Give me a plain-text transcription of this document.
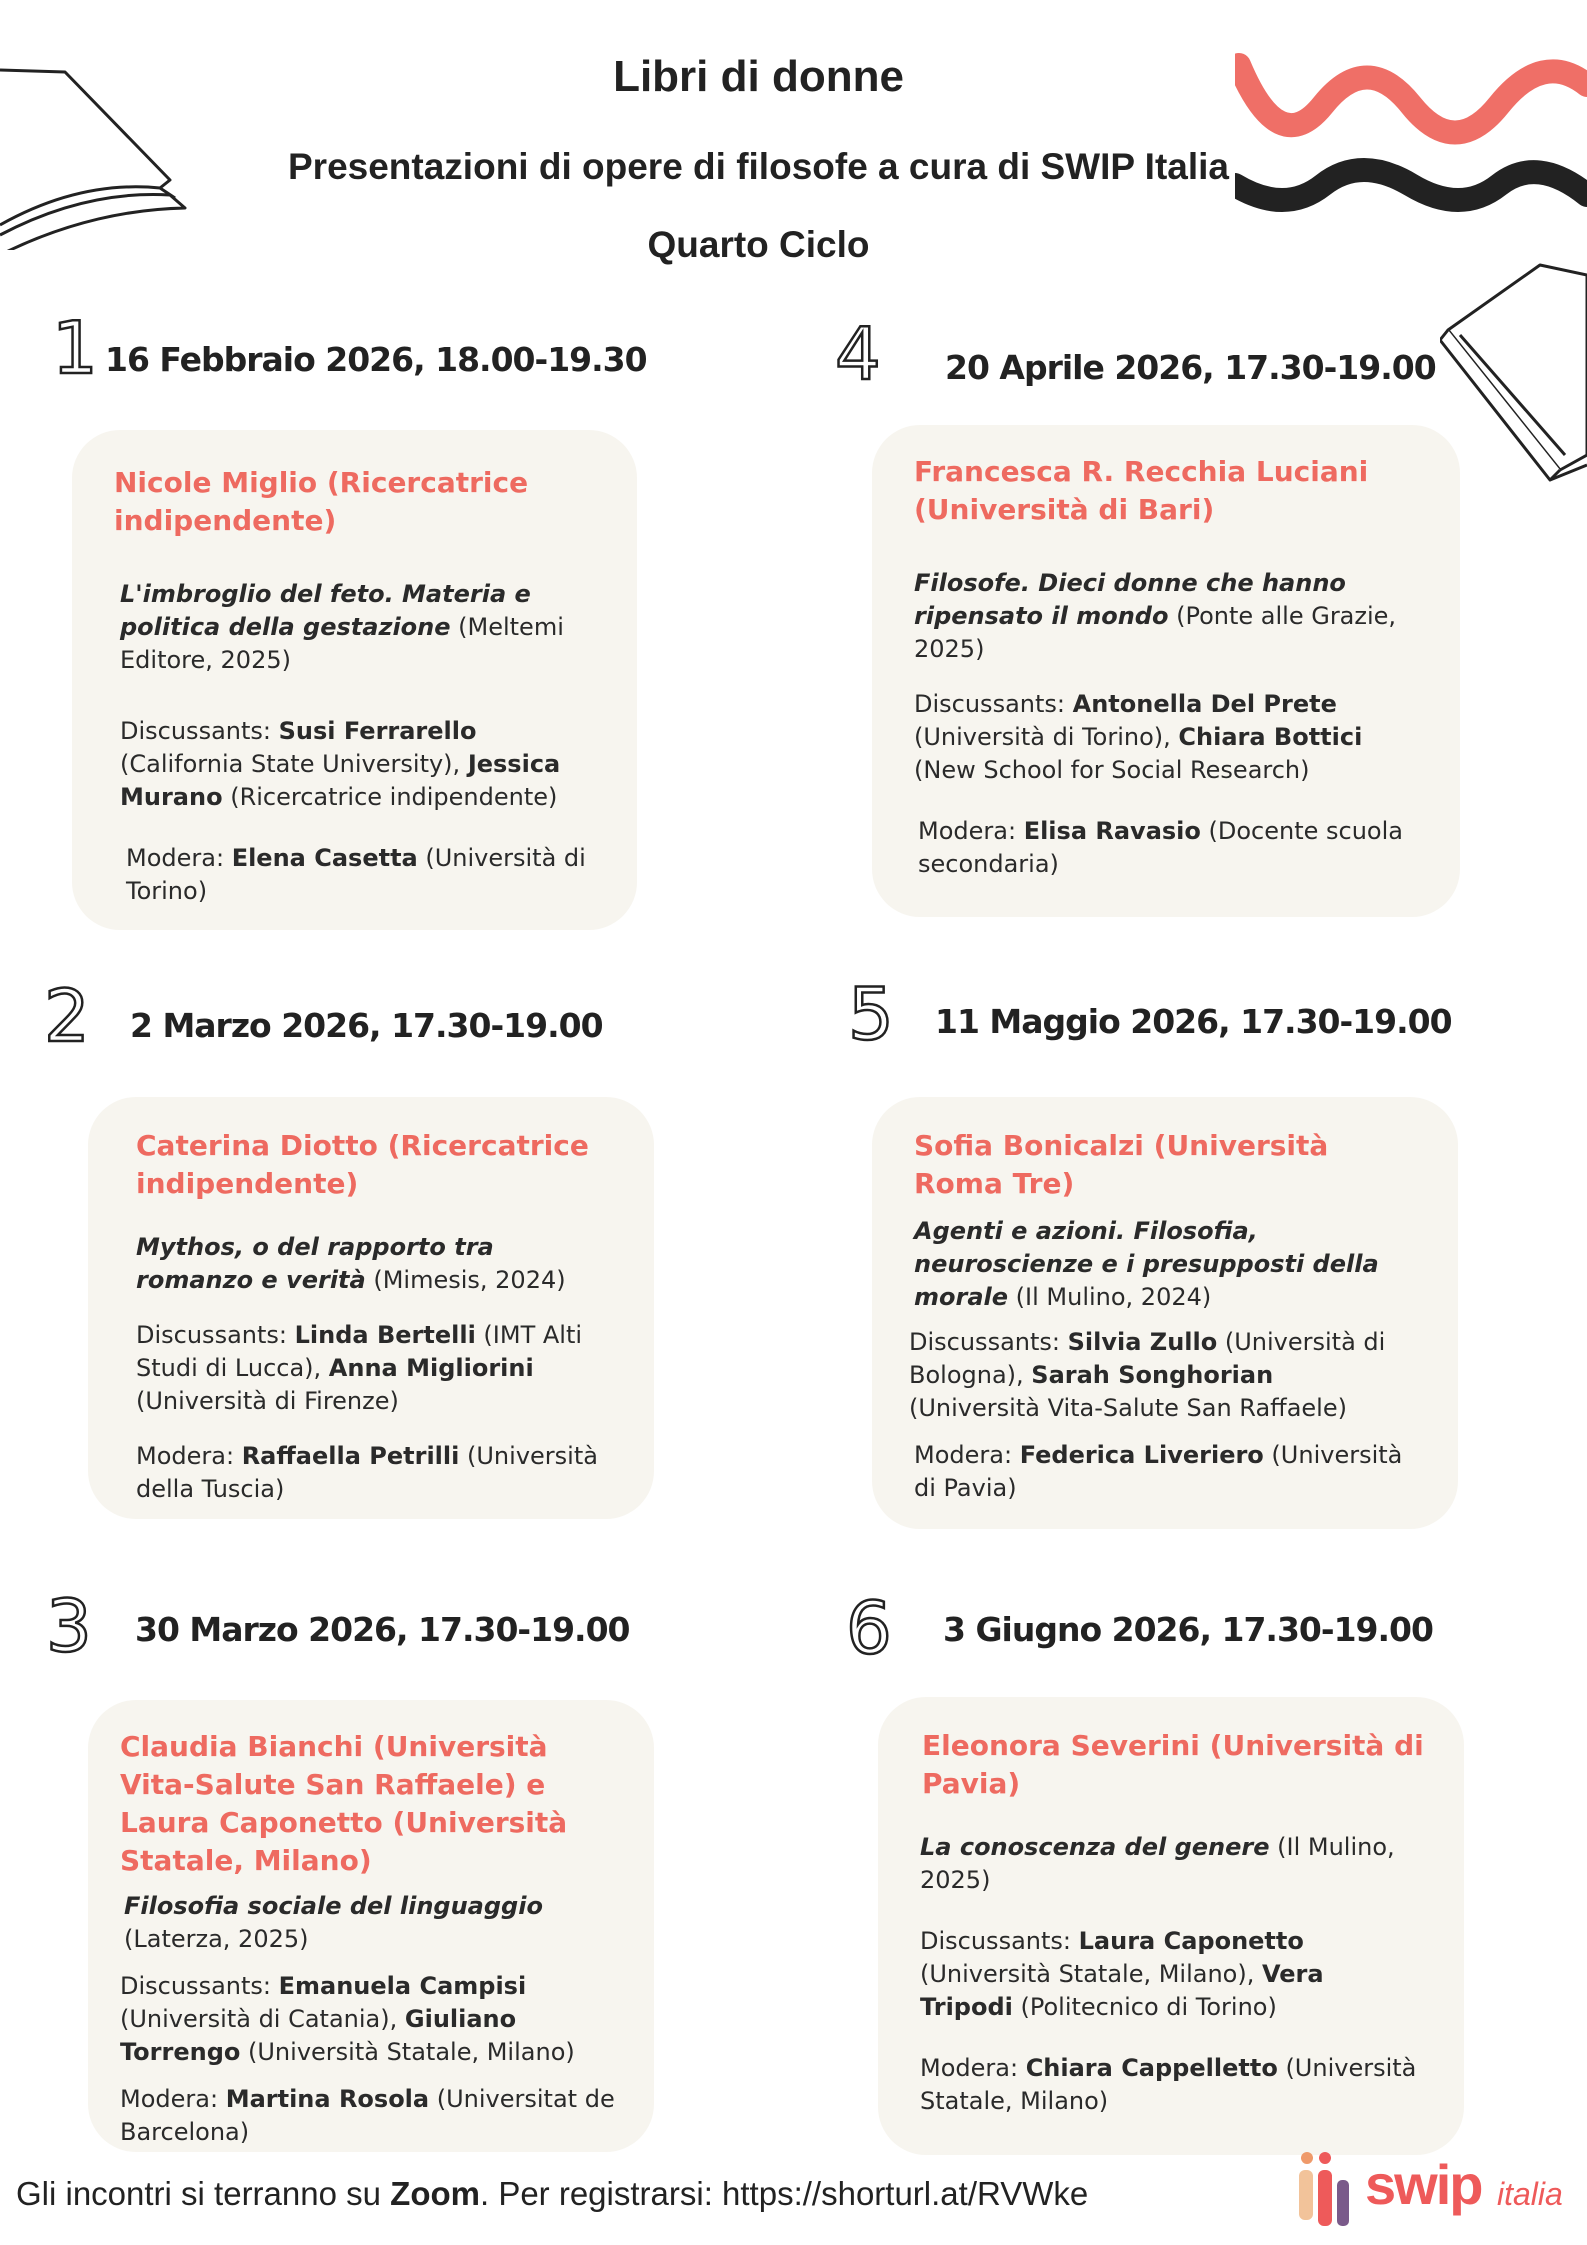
Libri di donne
Presentazioni di opere di filosofe a cura di SWIP Italia
Quarto Ciclo
1 16 Febbraio 2026, 18.00-19.30

Nicole Miglio (Ricercatrice indipendente)

L'imbroglio del feto. Materia e politica della gestazione (Meltemi Editore, 2025)

Discussants: Susi Ferrarello (California State University), Jessica Murano (Ricercatrice indipendente)

Modera: Elena Casetta (Università di Torino)

4 20 Aprile 2026, 17.30-19.00

Francesca R. Recchia Luciani (Università di Bari)

Filosofe. Dieci donne che hanno ripensato il mondo (Ponte alle Grazie, 2025)

Discussants: Antonella Del Prete (Università di Torino), Chiara Bottici (New School for Social Research)

Modera: Elisa Ravasio (Docente scuola secondaria)

2 2 Marzo 2026, 17.30-19.00

Caterina Diotto (Ricercatrice indipendente)

Mythos, o del rapporto tra romanzo e verità (Mimesis, 2024)

Discussants: Linda Bertelli (IMT Alti Studi di Lucca), Anna Migliorini (Università di Firenze)

Modera: Raffaella Petrilli (Università della Tuscia)

5 11 Maggio 2026, 17.30-19.00

Sofia Bonicalzi (Università Roma Tre)

Agenti e azioni. Filosofia, neuroscienze e i presupposti della morale (Il Mulino, 2024)

Discussants: Silvia Zullo (Università di Bologna), Sarah Songhorian (Università Vita-Salute San Raffaele)

Modera: Federica Liveriero (Università di Pavia)

3 30 Marzo 2026, 17.30-19.00

Claudia Bianchi (Università Vita-Salute San Raffaele) e Laura Caponetto (Università Statale, Milano)

Filosofia sociale del linguaggio
(Laterza, 2025)

Discussants: Emanuela Campisi (Università di Catania), Giuliano Torrengo (Università Statale, Milano)

Modera: Martina Rosola (Universitat de Barcelona)

6 3 Giugno 2026, 17.30-19.00

Eleonora Severini (Università di Pavia)

La conoscenza del genere (Il Mulino, 2025)

Discussants: Laura Caponetto (Università Statale, Milano), Vera Tripodi (Politecnico di Torino)

Modera: Chiara Cappelletto (Università Statale, Milano)

Gli incontri si terranno su Zoom. Per registrarsi: https://shorturl.at/RVWke	swip italia
